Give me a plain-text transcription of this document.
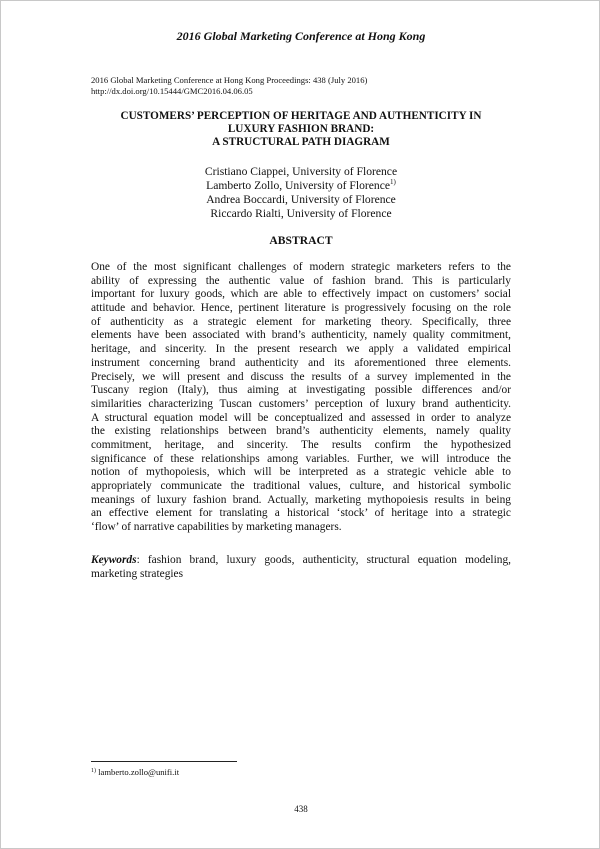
2016 Global Marketing Conference at Hong Kong
2016 Global Marketing Conference at Hong Kong Proceedings: 438 (July 2016)
http://dx.doi.org/10.15444/GMC2016.04.06.05
CUSTOMERS’ PERCEPTION OF HERITAGE AND AUTHENTICITY IN
LUXURY FASHION BRAND:
A STRUCTURAL PATH DIAGRAM
Cristiano Ciappei, University of Florence
Lamberto Zollo, University of Florence$^{1)}$
Andrea Boccardi, University of Florence
Riccardo Rialti, University of Florence
ABSTRACT
One of the most significant challenges of modern strategic marketers refers to the
ability of expressing the authentic value of fashion brand. This is particularly
important for luxury goods, which are able to effectively impact on customers’ social
attitude and behavior. Hence, pertinent literature is progressively focusing on the role
of authenticity as a strategic element for marketing theory. Specifically, three
elements have been associated with brand’s authenticity, namely quality commitment,
heritage, and sincerity. In the present research we apply a validated empirical
instrument concerning brand authenticity and its aforementioned three elements.
Precisely, we will present and discuss the results of a survey implemented in the
Tuscany region (Italy), thus aiming at investigating possible differences and/or
similarities characterizing Tuscan customers’ perception of luxury brand authenticity.
A structural equation model will be conceptualized and assessed in order to analyze
the existing relationships between brand’s authenticity elements, namely quality
commitment, heritage, and sincerity. The results confirm the hypothesized
significance of these relationships among variables. Further, we will introduce the
notion of mythopoiesis, which will be interpreted as a strategic vehicle able to
appropriately communicate the traditional values, culture, and historical symbolic
meanings of luxury fashion brand. Actually, marketing mythopoiesis results in being
an effective element for translating a historical ‘stock’ of heritage into a strategic
‘flow’ of narrative capabilities by marketing managers.
Keywords: fashion brand, luxury goods, authenticity, structural equation modeling,
marketing strategies
$^{1)}$ lamberto.zollo@unifi.it
438
